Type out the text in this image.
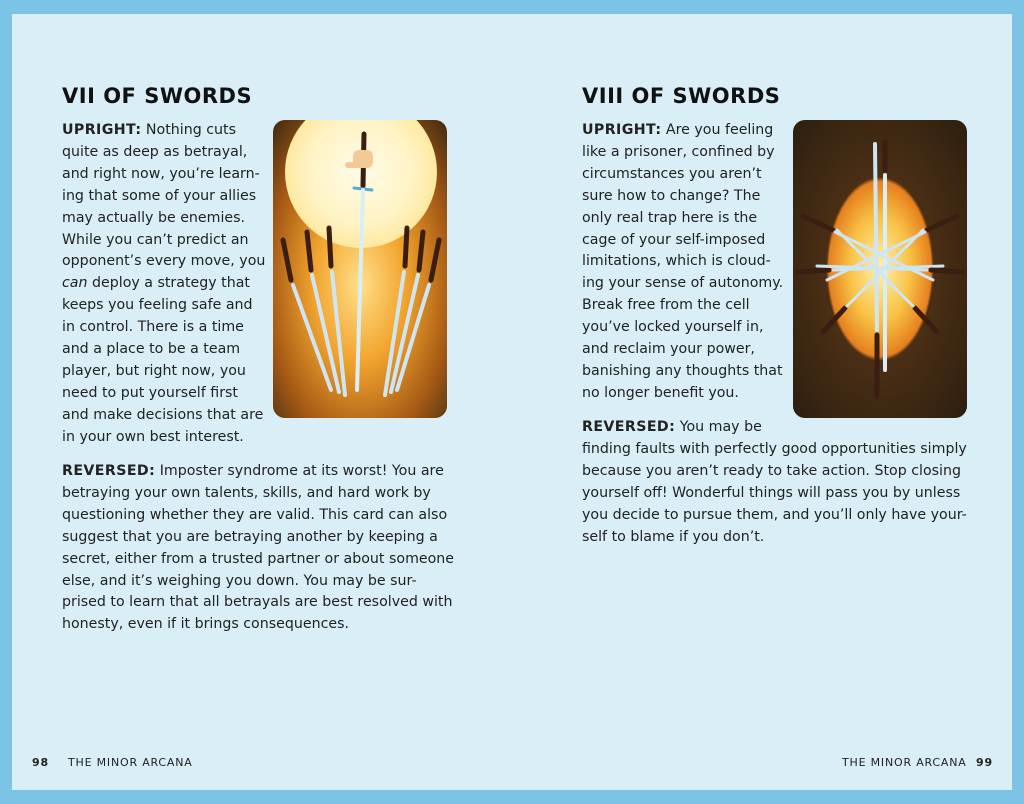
VII OF SWORDS

UPRIGHT: Nothing cuts
quite as deep as betrayal,
and right now, you’re learn-
ing that some of your allies
may actually be enemies.
While you can’t predict an
opponent’s every move, you
can deploy a strategy that
keeps you feeling safe and
in control. There is a time
and a place to be a team
player, but right now, you
need to put yourself first
and make decisions that are
in your own best interest.

REVERSED: Imposter syndrome at its worst! You are
betraying your own talents, skills, and hard work by
questioning whether they are valid. This card can also
suggest that you are betraying another by keeping a
secret, either from a trusted partner or about someone
else, and it’s weighing you down. You may be sur-
prised to learn that all betrayals are best resolved with
honesty, even if it brings consequences.

98 THE MINOR ARCANA
VIII OF SWORDS

UPRIGHT: Are you feeling
like a prisoner, confined by
circumstances you aren’t
sure how to change? The
only real trap here is the
cage of your self-imposed
limitations, which is cloud-
ing your sense of autonomy.
Break free from the cell
you’ve locked yourself in,
and reclaim your power,
banishing any thoughts that
no longer benefit you.

REVERSED: You may be
finding faults with perfectly good opportunities simply
because you aren’t ready to take action. Stop closing
yourself off! Wonderful things will pass you by unless
you decide to pursue them, and you’ll only have your-
self to blame if you don’t.

THE MINOR ARCANA 99
